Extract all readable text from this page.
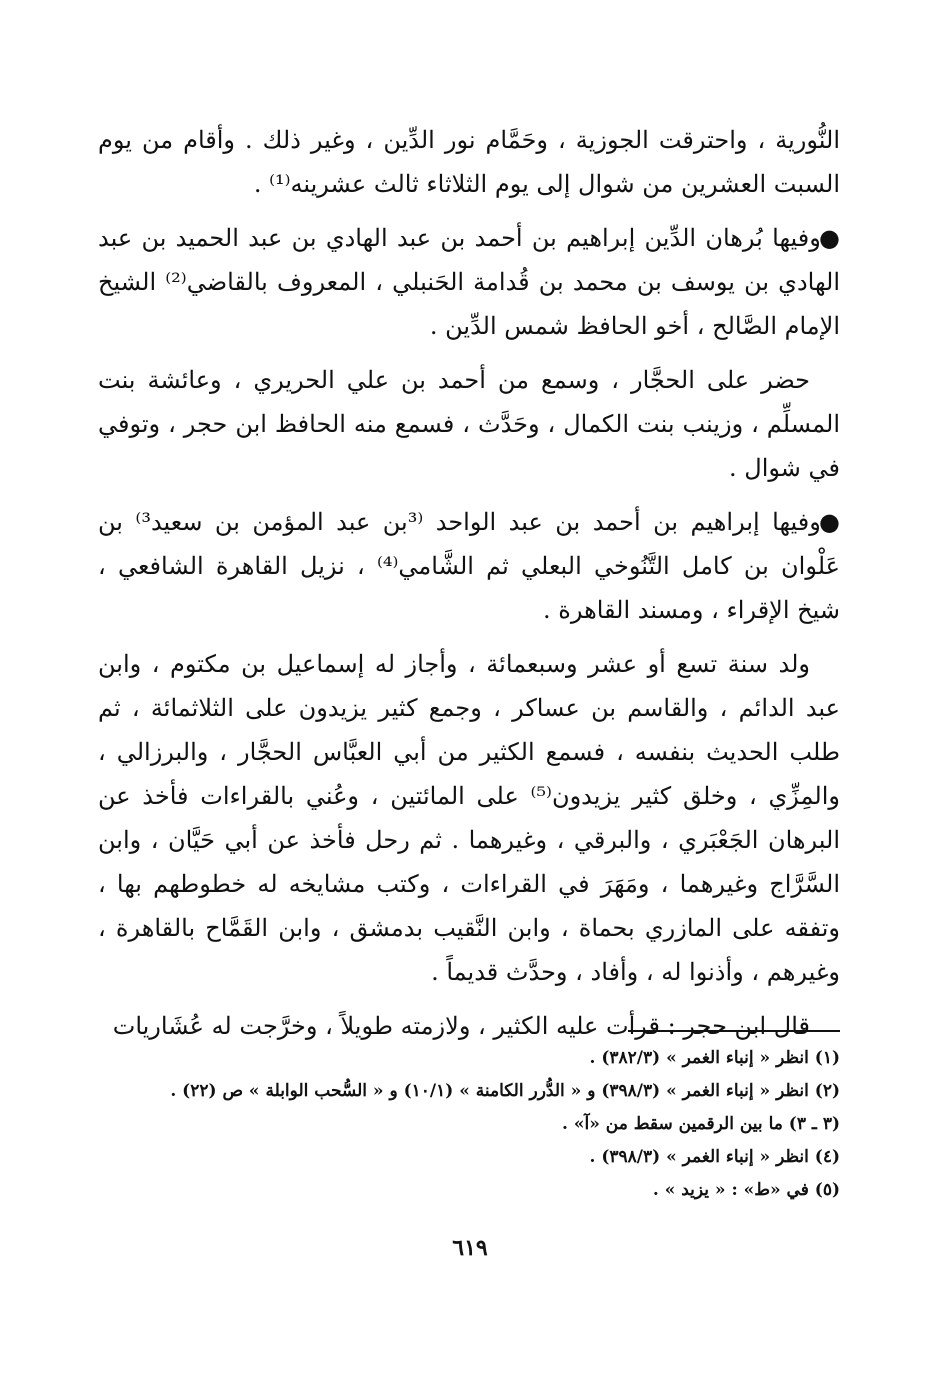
النُّورية ، واحترقت الجوزية ، وحَمَّام نور الدِّين ، وغير ذلك . وأقام من يوم السبت العشرين من شوال إلى يوم الثلاثاء ثالث عشرينه⁽¹⁾ .

●وفيها بُرهان الدِّين إبراهيم بن أحمد بن عبد الهادي بن عبد الحميد بن عبد الهادي بن يوسف بن محمد بن قُدامة الحَنبلي ، المعروف بالقاضي⁽²⁾ الشيخ الإمام الصَّالح ، أخو الحافظ شمس الدِّين .

حضر على الحجَّار ، وسمع من أحمد بن علي الحريري ، وعائشة بنت المسلِّم ، وزينب بنت الكمال ، وحَدَّث ، فسمع منه الحافظ ابن حجر ، وتوفي في شوال .

●وفيها إبراهيم بن أحمد بن عبد الواحد ⁽³بن عبد المؤمن بن سعيد³⁾ بن عَلْوان بن كامل التَّنُوخي البعلي ثم الشَّامي⁽⁴⁾ ، نزيل القاهرة الشافعي ، شيخ الإقراء ، ومسند القاهرة .

ولد سنة تسع أو عشر وسبعمائة ، وأجاز له إسماعيل بن مكتوم ، وابن عبد الدائم ، والقاسم بن عساكر ، وجمع كثير يزيدون على الثلاثمائة ، ثم طلب الحديث بنفسه ، فسمع الكثير من أبي العبَّاس الحجَّار ، والبرزالي ، والمِزِّي ، وخلق كثير يزيدون⁽⁵⁾ على المائتين ، وعُني بالقراءات فأخذ عن البرهان الجَعْبَري ، والبرقي ، وغيرهما . ثم رحل فأخذ عن أبي حَيَّان ، وابن السَّرَّاج وغيرهما ، ومَهَرَ في القراءات ، وكتب مشايخه له خطوطهم بها ، وتفقه على المازري بحماة ، وابن النَّقيب بدمشق ، وابن القَمَّاح بالقاهرة ، وغيرهم ، وأذنوا له ، وأفاد ، وحدَّث قديماً .

قال ابن حجر : قرأت عليه الكثير ، ولازمته طويلاً ، وخرَّجت له عُشَاريات

(١) انظر « إنباء الغمر » (٣٨٢/٣) .

(٢) انظر « إنباء الغمر » (٣٩٨/٣) و « الدُّرر الكامنة » (١٠/١) و « السُّحب الوابلة » ص (٢٢) .

(٣ ـ ٣) ما بين الرقمين سقط من «آ» .

(٤) انظر « إنباء الغمر » (٣٩٨/٣) .

(٥) في «ط» : « يزيد » .

٦١٩
